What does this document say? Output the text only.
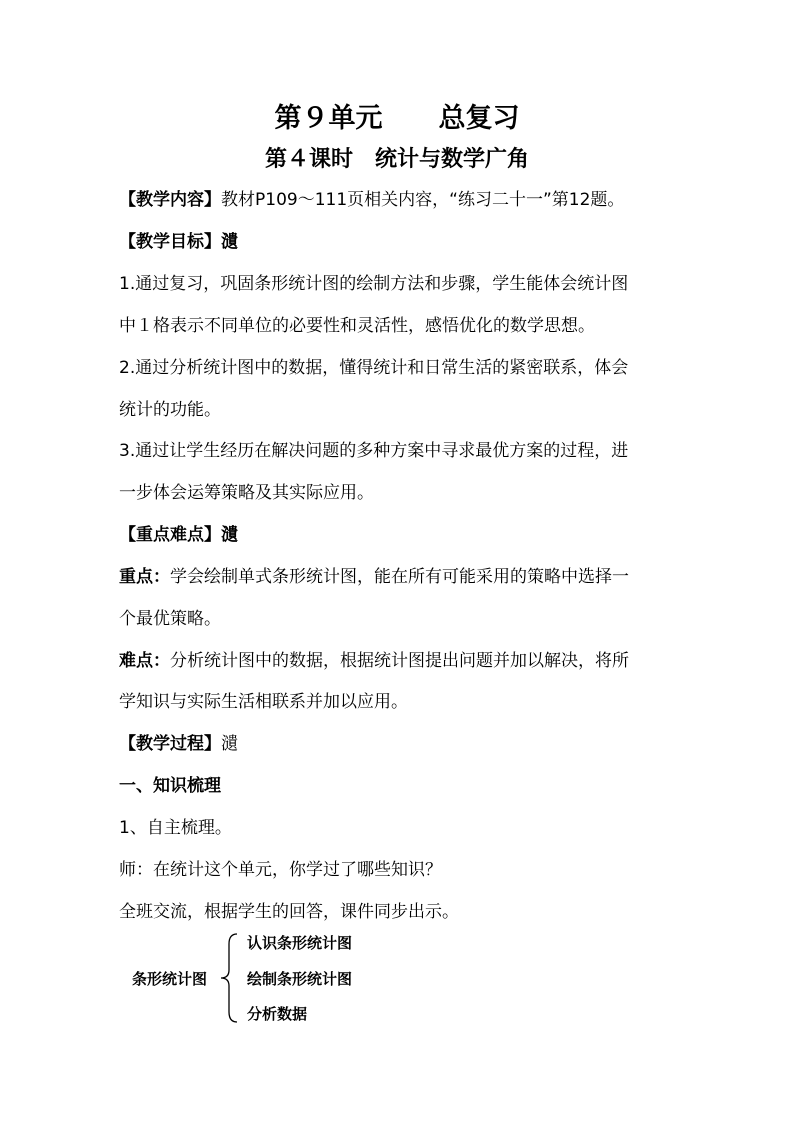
第９单元 总复习
第４课时 统计与数学广角
【教学内容】教材P109～111页相关内容，“练习二十一”第12题。
【教学目标】瀢
1.通过复习，巩固条形统计图的绘制方法和步骤，学生能体会统计图
中１格表示不同单位的必要性和灵活性，感悟优化的数学思想。
2.通过分析统计图中的数据，懂得统计和日常生活的紧密联系，体会
统计的功能。
3.通过让学生经历在解决问题的多种方案中寻求最优方案的过程，进
一步体会运筹策略及其实际应用。
【重点难点】瀢
重点：学会绘制单式条形统计图，能在所有可能采用的策略中选择一
个最优策略。
难点：分析统计图中的数据，根据统计图提出问题并加以解决，将所
学知识与实际生活相联系并加以应用。
【教学过程】瀢
一、知识梳理
1、自主梳理。
师：在统计这个单元，你学过了哪些知识？
全班交流，根据学生的回答，课件同步出示。
条形统计图
认识条形统计图
绘制条形统计图
分析数据
